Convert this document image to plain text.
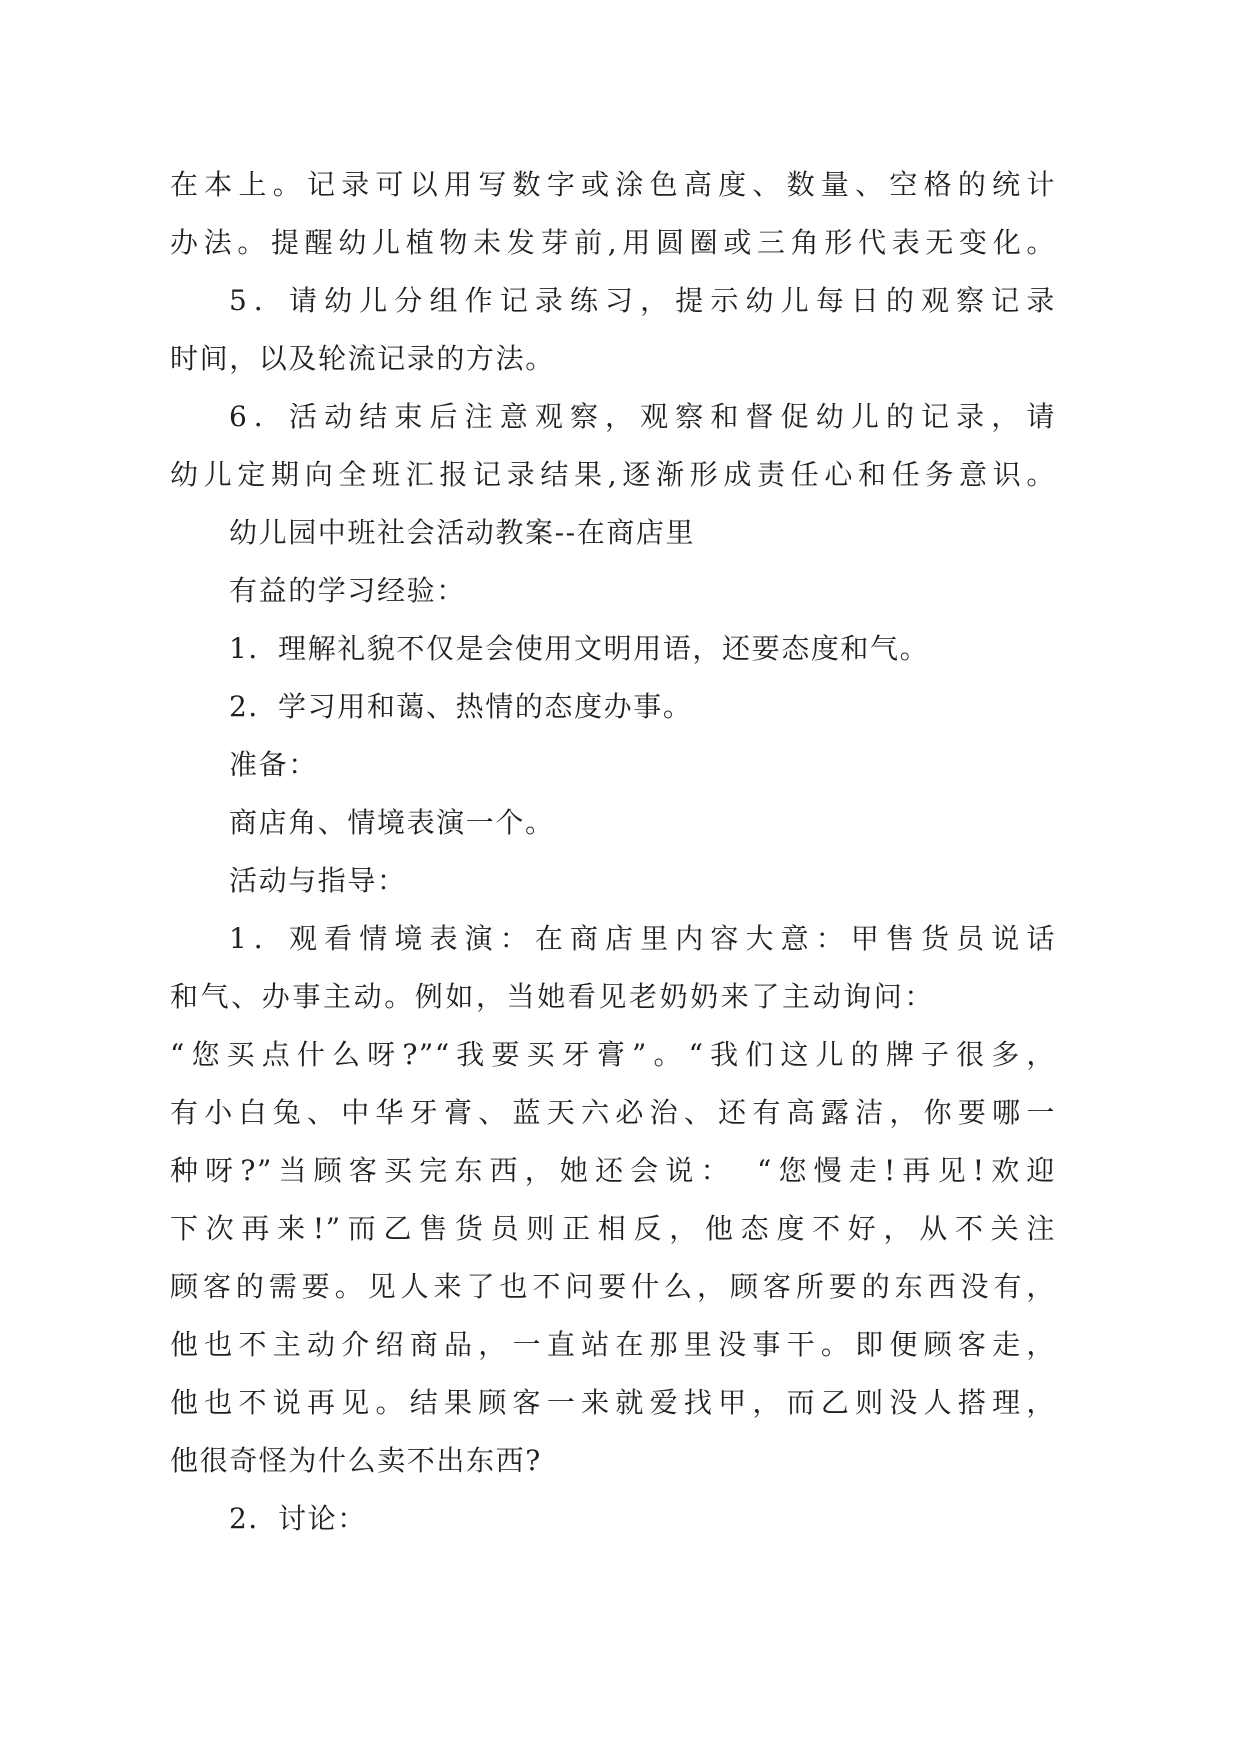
在本上。记录可以用写数字或涂色高度、数量、空格的统计
办法。提醒幼儿植物未发芽前,用圆圈或三角形代表无变化。
5．请幼儿分组作记录练习，提示幼儿每日的观察记录
时间，以及轮流记录的方法。
6．活动结束后注意观察，观察和督促幼儿的记录，请
幼儿定期向全班汇报记录结果,逐渐形成责任心和任务意识。
幼儿园中班社会活动教案--在商店里
有益的学习经验：
1．理解礼貌不仅是会使用文明用语，还要态度和气。
2．学习用和蔼、热情的态度办事。
准备：
商店角、情境表演一个。
活动与指导：
1．观看情境表演：在商店里内容大意：甲售货员说话
和气、办事主动。例如，当她看见老奶奶来了主动询问：
“您买点什么呀?”“我要买牙膏”。“我们这儿的牌子很多，
有小白兔、中华牙膏、蓝天六必治、还有高露洁，你要哪一
种呀?”当顾客买完东西，她还会说：　“您慢走!再见!欢迎
下次再来!”而乙售货员则正相反，他态度不好，从不关注
顾客的需要。见人来了也不问要什么，顾客所要的东西没有，
他也不主动介绍商品，一直站在那里没事干。即便顾客走，
他也不说再见。结果顾客一来就爱找甲，而乙则没人搭理，
他很奇怪为什么卖不出东西?
2．讨论：
